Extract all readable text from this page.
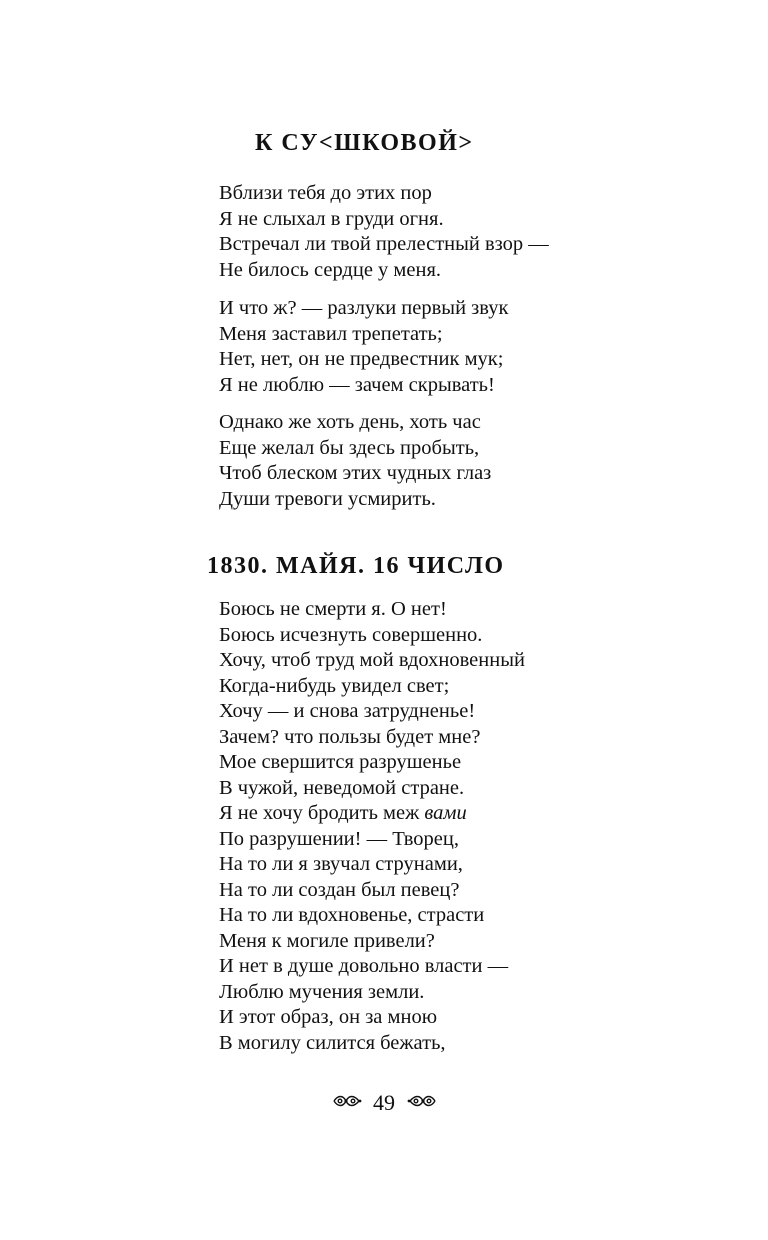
К СУ<ШКОВОЙ>
Вблизи тебя до этих пор
Я не слыхал в груди огня.
Встречал ли твой прелестный взор —
Не билось сердце у меня.
И что ж? — разлуки первый звук
Меня заставил трепетать;
Нет, нет, он не предвестник мук;
Я не люблю — зачем скрывать!
Однако же хоть день, хоть час
Еще желал бы здесь пробыть,
Чтоб блеском этих чудных глаз
Души тревоги усмирить.
1830. МАЙЯ. 16 ЧИСЛО
Боюсь не смерти я. О нет!
Боюсь исчезнуть совершенно.
Хочу, чтоб труд мой вдохновенный
Когда-нибудь увидел свет;
Хочу — и снова затрудненье!
Зачем? что пользы будет мне?
Мое свершится разрушенье
В чужой, неведомой стране.
Я не хочу бродить меж вами
По разрушении! — Творец,
На то ли я звучал струнами,
На то ли создан был певец?
На то ли вдохновенье, страсти
Меня к могиле привели?
И нет в душе довольно власти —
Люблю мучения земли.
И этот образ, он за мною
В могилу силится бежать,
49
